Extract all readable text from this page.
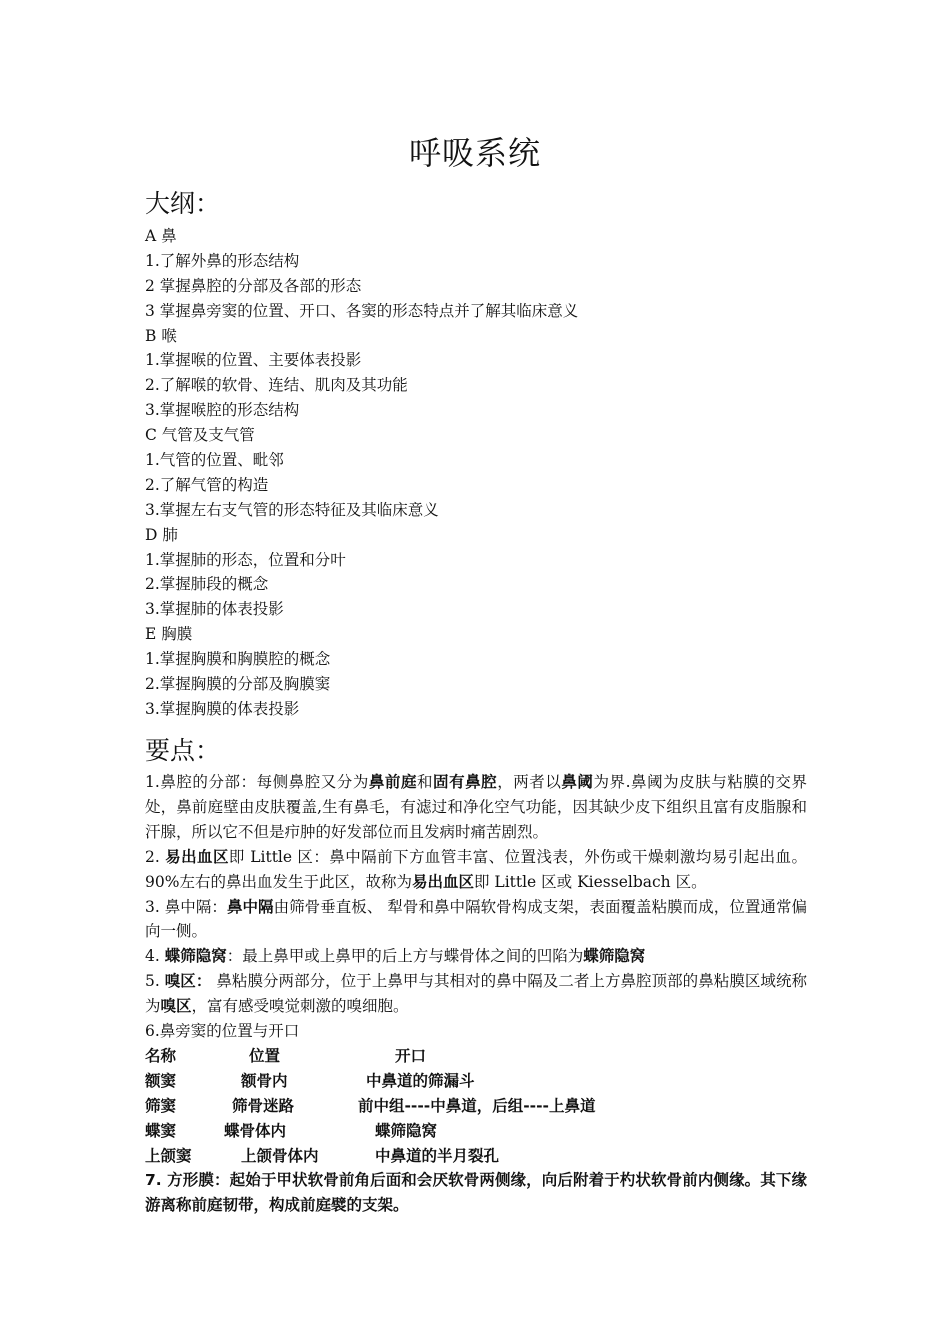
呼吸系统
大纲：
A 鼻
1.了解外鼻的形态结构
2 掌握鼻腔的分部及各部的形态
3 掌握鼻旁窦的位置、开口、各窦的形态特点并了解其临床意义
B 喉
1.掌握喉的位置、主要体表投影
2.了解喉的软骨、连结、肌肉及其功能
3.掌握喉腔的形态结构
C 气管及支气管
1.气管的位置、毗邻
2.了解气管的构造
3.掌握左右支气管的形态特征及其临床意义
D 肺
1.掌握肺的形态，位置和分叶
2.掌握肺段的概念
3.掌握肺的体表投影
E 胸膜
1.掌握胸膜和胸膜腔的概念
2.掌握胸膜的分部及胸膜窦
3.掌握胸膜的体表投影
要点：
1.鼻腔的分部：每侧鼻腔又分为鼻前庭和固有鼻腔，两者以鼻阈为界.鼻阈为皮肤与粘膜的交界处，鼻前庭壁由皮肤覆盖,生有鼻毛，有滤过和净化空气功能，因其缺少皮下组织且富有皮脂腺和汗腺，所以它不但是疖肿的好发部位而且发病时痛苦剧烈。
2. 易出血区即 Little 区：鼻中隔前下方血管丰富、位置浅表，外伤或干燥刺激均易引起出血。90%左右的鼻出血发生于此区，故称为易出血区即 Little 区或 Kiesselbach 区。
3. 鼻中隔：鼻中隔由筛骨垂直板、 犁骨和鼻中隔软骨构成支架，表面覆盖粘膜而成，位置通常偏向一侧。
4. 蝶筛隐窝：最上鼻甲或上鼻甲的后上方与蝶骨体之间的凹陷为蝶筛隐窝
5. 嗅区： 鼻粘膜分两部分，位于上鼻甲与其相对的鼻中隔及二者上方鼻腔顶部的鼻粘膜区域统称为嗅区，富有感受嗅觉刺激的嗅细胞。
6.鼻旁窦的位置与开口
名称	位置	开口
额窦	额骨内	中鼻道的筛漏斗
筛窦	筛骨迷路	前中组----中鼻道，后组----上鼻道
蝶窦	蝶骨体内	蝶筛隐窝
上颌窦	上颌骨体内	中鼻道的半月裂孔
7. 方形膜：起始于甲状软骨前角后面和会厌软骨两侧缘，向后附着于杓状软骨前内侧缘。其下缘游离称前庭韧带，构成前庭襞的支架。
